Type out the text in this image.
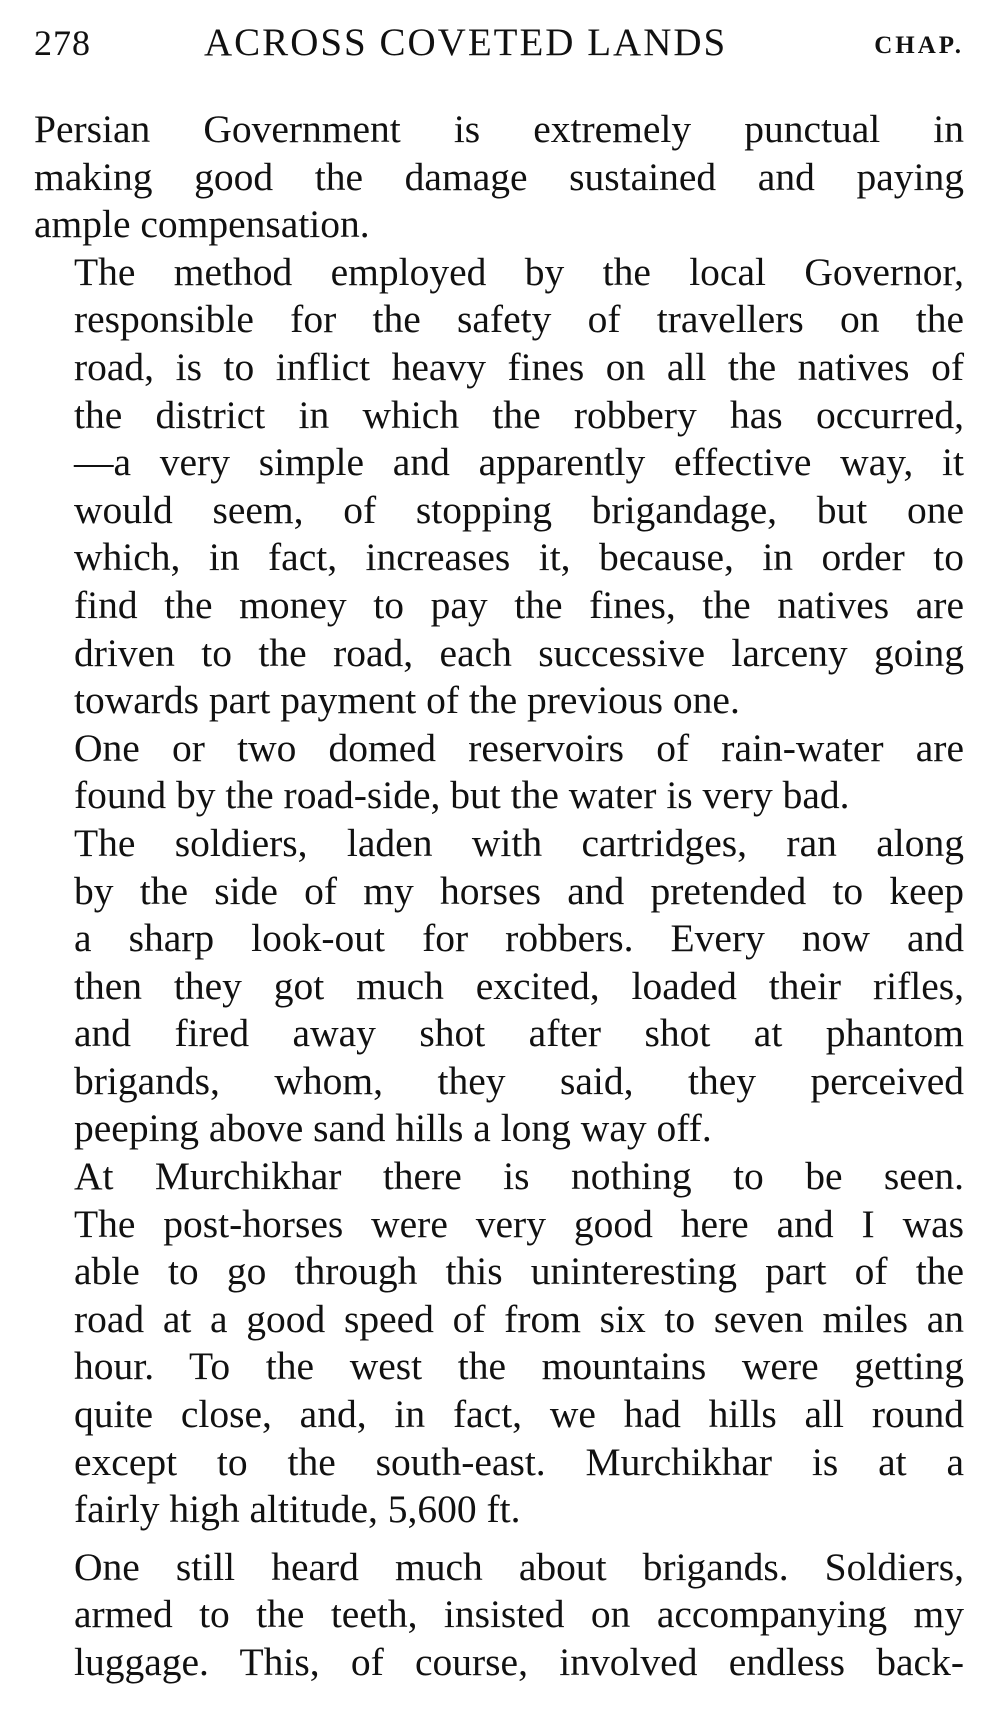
278	ACROSS COVETED LANDS	CHAP.

Persian Government is extremely punctual in
making good the damage sustained and paying
ample compensation.

The method employed by the local Governor,
responsible for the safety of travellers on the
road, is to inflict heavy fines on all the natives of
the district in which the robbery has occurred,
—a very simple and apparently effective way, it
would seem, of stopping brigandage, but one
which, in fact, increases it, because, in order to
find the money to pay the fines, the natives are
driven to the road, each successive larceny going
towards part payment of the previous one.

One or two domed reservoirs of rain-water are
found by the road-side, but the water is very bad.

The soldiers, laden with cartridges, ran along
by the side of my horses and pretended to keep
a sharp look-out for robbers. Every now and
then they got much excited, loaded their rifles,
and fired away shot after shot at phantom
brigands, whom, they said, they perceived
peeping above sand hills a long way off.

At Murchikhar there is nothing to be seen.
The post-horses were very good here and I was
able to go through this uninteresting part of the
road at a good speed of from six to seven miles an
hour. To the west the mountains were getting
quite close, and, in fact, we had hills all round
except to the south-east. Murchikhar is at a
fairly high altitude, 5,600 ft.

One still heard much about brigands. Soldiers,
armed to the teeth, insisted on accompanying my
luggage. This, of course, involved endless back-
